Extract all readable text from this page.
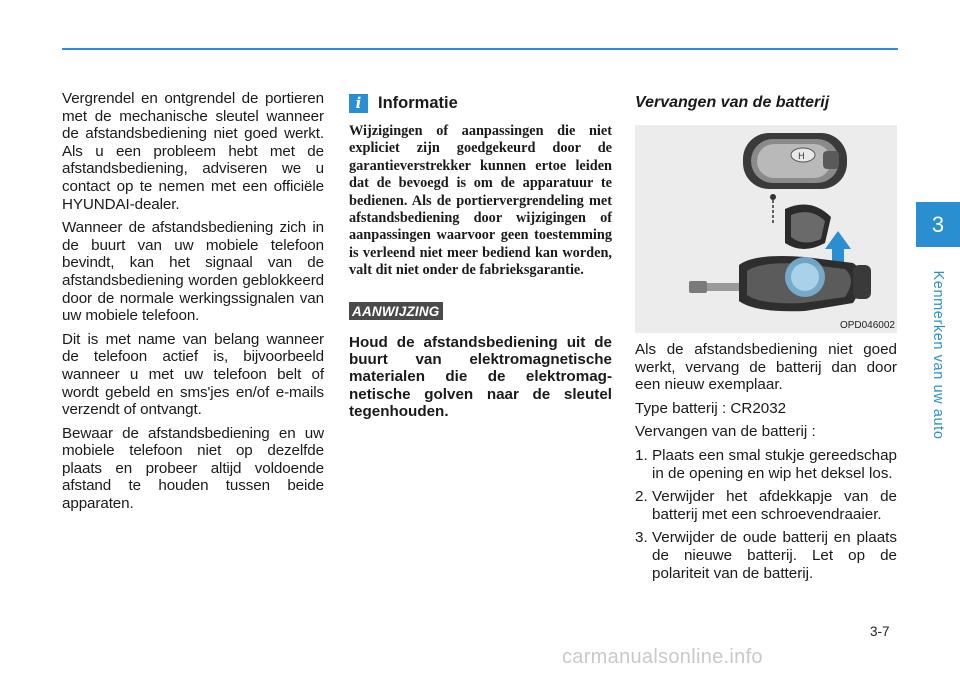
Vergrendel en ontgrendel de portieren met de mechanische sleutel wanneer de afstandsbediening niet goed werkt. Als u een probleem hebt met de afstandsbediening, adviseren we u contact op te nemen met een officiële HYUNDAI-dealer.

Wanneer de afstandsbediening zich in de buurt van uw mobiele telefoon bevindt, kan het signaal van de afstandsbediening worden geblokkeerd door de normale werkingssignalen van uw mobiele telefoon.

Dit is met name van belang wanneer de telefoon actief is, bijvoorbeeld wanneer u met uw telefoon belt of wordt gebeld en sms'jes en/of e-mails verzendt of ontvangt.

Bewaar de afstandsbediening en uw mobiele telefoon niet op dezelfde plaats en probeer altijd voldoende afstand te houden tussen beide apparaten.

i	Informatie

Wijzigingen of aanpassingen die niet expliciet zijn goedgekeurd door de garantieverstrekker kunnen ertoe leiden dat de bevoegd is om de apparatuur te bedienen. Als de portiervergrendeling met afstandsbediening door wijzigingen of aanpassingen waarvoor geen toestemming is verleend niet meer bediend kan worden, valt dit niet onder de fabrieksgarantie.

AANWIJZING

Houd de afstandsbediening uit de buurt van elektromagnetische materialen die de elektromag-netische golven naar de sleutel tegenhouden.

Vervangen van de batterij
H
OPD046002

Als de afstandsbediening niet goed werkt, vervang de batterij dan door een nieuw exemplaar.

Type batterij : CR2032

Vervangen van de batterij :

1. Plaats een smal stukje gereedschap in de opening en wip het deksel los.
2. Verwijder het afdekkapje van de batterij met een schroevendraaier.
3. Verwijder de oude batterij en plaats de nieuwe batterij. Let op de polariteit van de batterij.
3
Kenmerken van uw auto
3-7
carmanualsonline.info
